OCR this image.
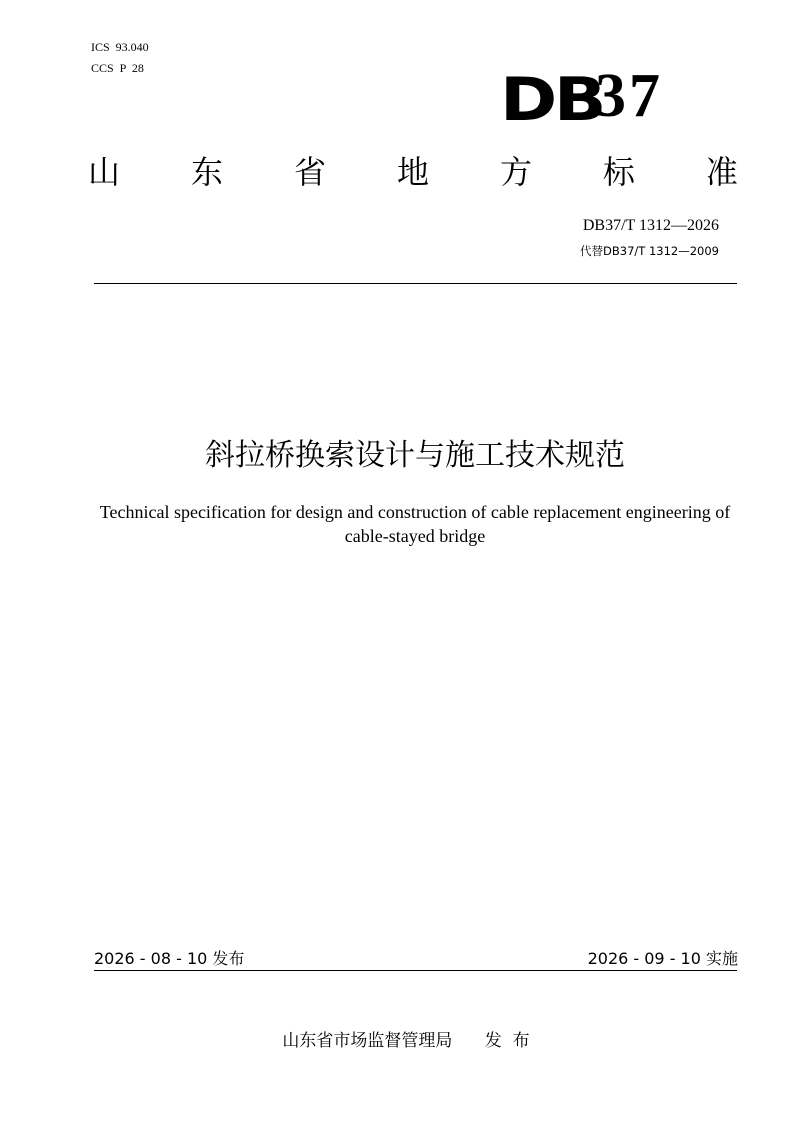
ICS  93.040
CCS  P  28	DB
37
山 东 省 地 方 标 准
DB37/T 1312—2026
代替DB37/T 1312—2009
斜拉桥换索设计与施工技术规范
Technical specification for design and construction of cable replacement engineering of cable-stayed bridge
2026 - 08 - 10 发布	2026 - 09 - 10 实施
山东省市场监督管理局      发  布
